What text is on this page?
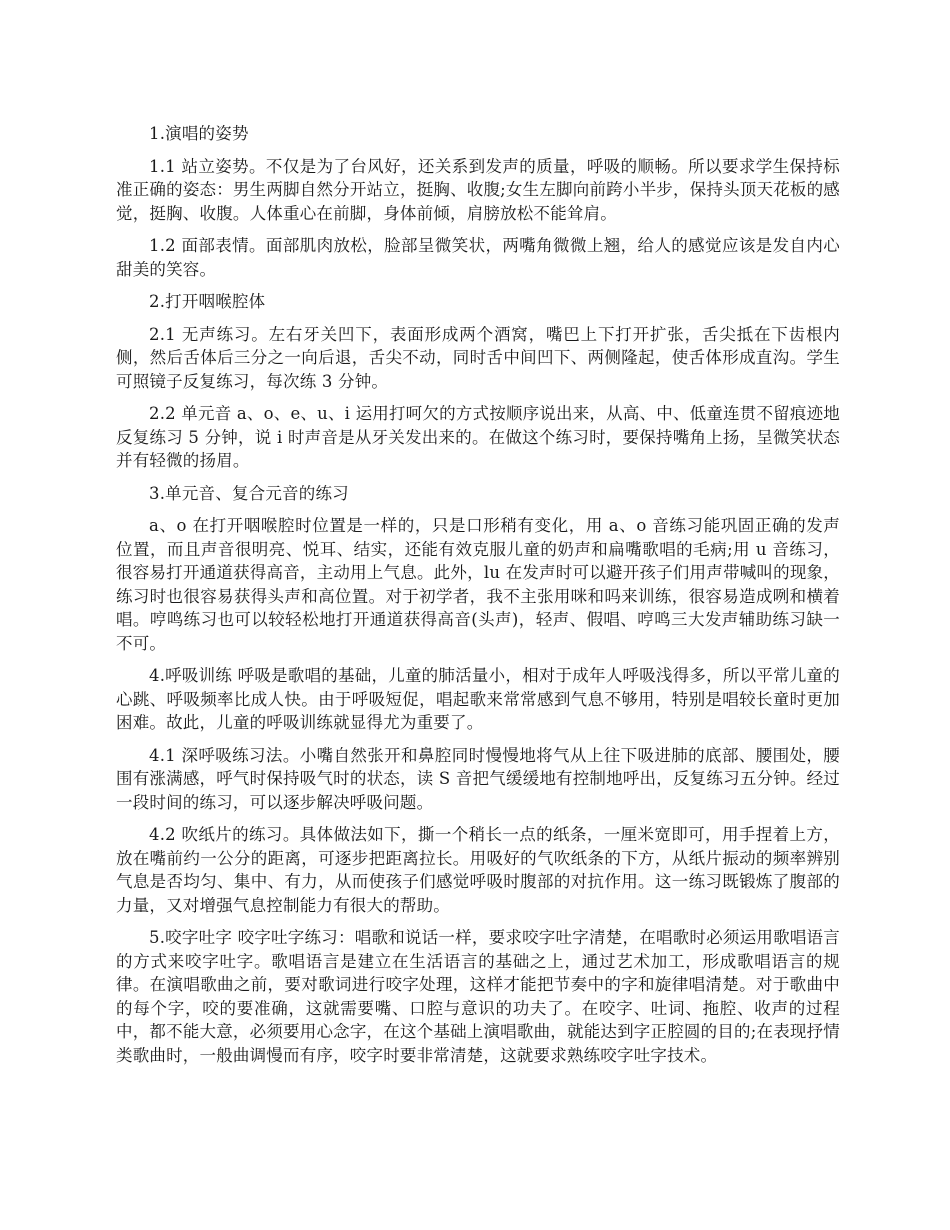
1.演唱的姿势

1.1 站立姿势。不仅是为了台风好，还关系到发声的质量，呼吸的顺畅。所以要求学生保持标准正确的姿态：男生两脚自然分开站立，挺胸、收腹;女生左脚向前跨小半步，保持头顶天花板的感觉，挺胸、收腹。人体重心在前脚，身体前倾，肩膀放松不能耸肩。

1.2 面部表情。面部肌肉放松，脸部呈微笑状，两嘴角微微上翘，给人的感觉应该是发自内心甜美的笑容。

2.打开咽喉腔体

2.1 无声练习。左右牙关凹下，表面形成两个酒窝，嘴巴上下打开扩张，舌尖抵在下齿根内侧，然后舌体后三分之一向后退，舌尖不动，同时舌中间凹下、两侧隆起，使舌体形成直沟。学生可照镜子反复练习，每次练 3 分钟。

2.2 单元音 a、o、e、u、i 运用打呵欠的方式按顺序说出来，从高、中、低童连贯不留痕迹地反复练习 5 分钟，说 i 时声音是从牙关发出来的。在做这个练习时，要保持嘴角上扬，呈微笑状态并有轻微的扬眉。

3.单元音、复合元音的练习

a、o 在打开咽喉腔时位置是一样的，只是口形稍有变化，用 a、o 音练习能巩固正确的发声位置，而且声音很明亮、悦耳、结实，还能有效克服儿童的奶声和扁嘴歌唱的毛病;用 u 音练习，很容易打开通道获得高音，主动用上气息。此外，lu 在发声时可以避开孩子们用声带喊叫的现象，练习时也很容易获得头声和高位置。对于初学者，我不主张用咪和吗来训练，很容易造成咧和横着唱。哼鸣练习也可以较轻松地打开通道获得高音(头声)，轻声、假唱、哼鸣三大发声辅助练习缺一不可。

4.呼吸训练 呼吸是歌唱的基础，儿童的肺活量小，相对于成年人呼吸浅得多，所以平常儿童的心跳、呼吸频率比成人快。由于呼吸短促，唱起歌来常常感到气息不够用，特别是唱较长童时更加困难。故此，儿童的呼吸训练就显得尤为重要了。

4.1 深呼吸练习法。小嘴自然张开和鼻腔同时慢慢地将气从上往下吸进肺的底部、腰围处，腰围有涨满感，呼气时保持吸气时的状态，读 S 音把气缓缓地有控制地呼出，反复练习五分钟。经过一段时间的练习，可以逐步解决呼吸问题。

4.2 吹纸片的练习。具体做法如下，撕一个稍长一点的纸条，一厘米宽即可，用手捏着上方，放在嘴前约一公分的距离，可逐步把距离拉长。用吸好的气吹纸条的下方，从纸片振动的频率辨别气息是否均匀、集中、有力，从而使孩子们感觉呼吸时腹部的对抗作用。这一练习既锻炼了腹部的力量，又对增强气息控制能力有很大的帮助。

5.咬字吐字 咬字吐字练习：唱歌和说话一样，要求咬字吐字清楚，在唱歌时必须运用歌唱语言的方式来咬字吐字。歌唱语言是建立在生活语言的基础之上，通过艺术加工，形成歌唱语言的规律。在演唱歌曲之前，要对歌词进行咬字处理，这样才能把节奏中的字和旋律唱清楚。对于歌曲中的每个字，咬的要准确，这就需要嘴、口腔与意识的功夫了。在咬字、吐词、拖腔、收声的过程中，都不能大意，必须要用心念字，在这个基础上演唱歌曲，就能达到字正腔圆的目的;在表现抒情类歌曲时，一般曲调慢而有序，咬字时要非常清楚，这就要求熟练咬字吐字技术。
